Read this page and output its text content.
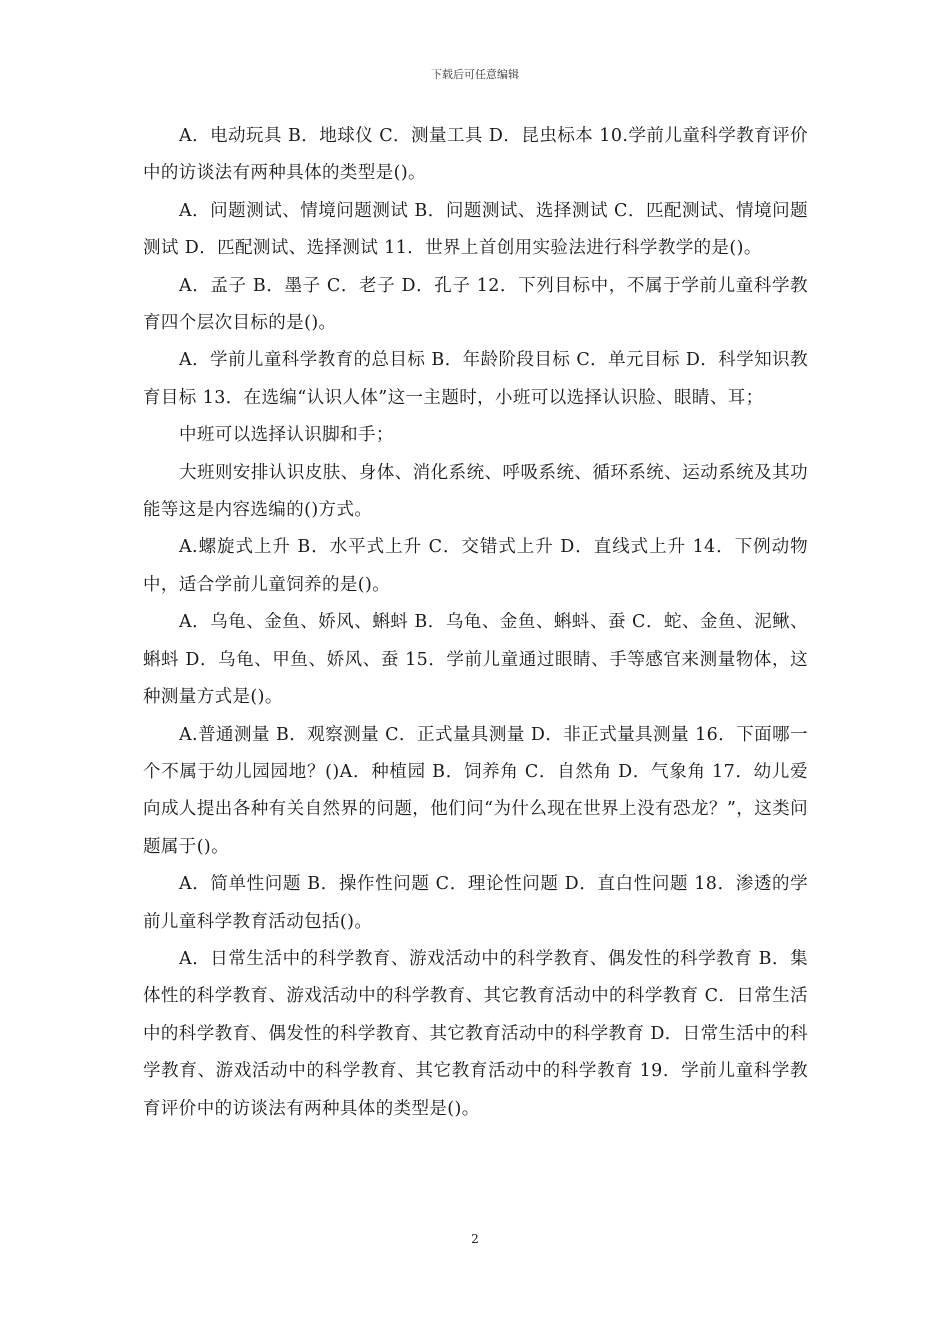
下载后可任意编辑

A．电动玩具 B．地球仪 C．测量工具 D．昆虫标本 10.学前儿童科学教育评价中的访谈法有两种具体的类型是()。

A．问题测试、情境问题测试 B．问题测试、选择测试 C．匹配测试、情境问题测试 D．匹配测试、选择测试 11．世界上首创用实验法进行科学教学的是()。

A．孟子 B．墨子 C．老子 D．孔子 12．下列目标中，不属于学前儿童科学教育四个层次目标的是()。

A．学前儿童科学教育的总目标 B．年龄阶段目标 C．单元目标 D．科学知识教育目标 13．在选编“认识人体”这一主题时，小班可以选择认识脸、眼睛、耳；

中班可以选择认识脚和手；

大班则安排认识皮肤、身体、消化系统、呼吸系统、循环系统、运动系统及其功能等这是内容选编的()方式。

A.螺旋式上升 B．水平式上升 C．交错式上升 D．直线式上升 14．下例动物中，适合学前儿童饲养的是()。

A．乌龟、金鱼、娇风、蝌蚪 B．乌龟、金鱼、蝌蚪、蚕 C．蛇、金鱼、泥鳅、蝌蚪 D．乌龟、甲鱼、娇风、蚕 15．学前儿童通过眼睛、手等感官来测量物体，这种测量方式是()。

A.普通测量 B．观察测量 C．正式量具测量 D．非正式量具测量 16．下面哪一个不属于幼儿园园地？()A．种植园 B．饲养角 C．自然角 D．气象角 17．幼儿爱向成人提出各种有关自然界的问题，他们问“为什么现在世界上没有恐龙？”，这类问题属于()。

A．简单性问题 B．操作性问题 C．理论性问题 D．直白性问题 18．渗透的学前儿童科学教育活动包括()。

A．日常生活中的科学教育、游戏活动中的科学教育、偶发性的科学教育 B．集体性的科学教育、游戏活动中的科学教育、其它教育活动中的科学教育 C．日常生活中的科学教育、偶发性的科学教育、其它教育活动中的科学教育 D．日常生活中的科学教育、游戏活动中的科学教育、其它教育活动中的科学教育 19．学前儿童科学教育评价中的访谈法有两种具体的类型是()。

2
